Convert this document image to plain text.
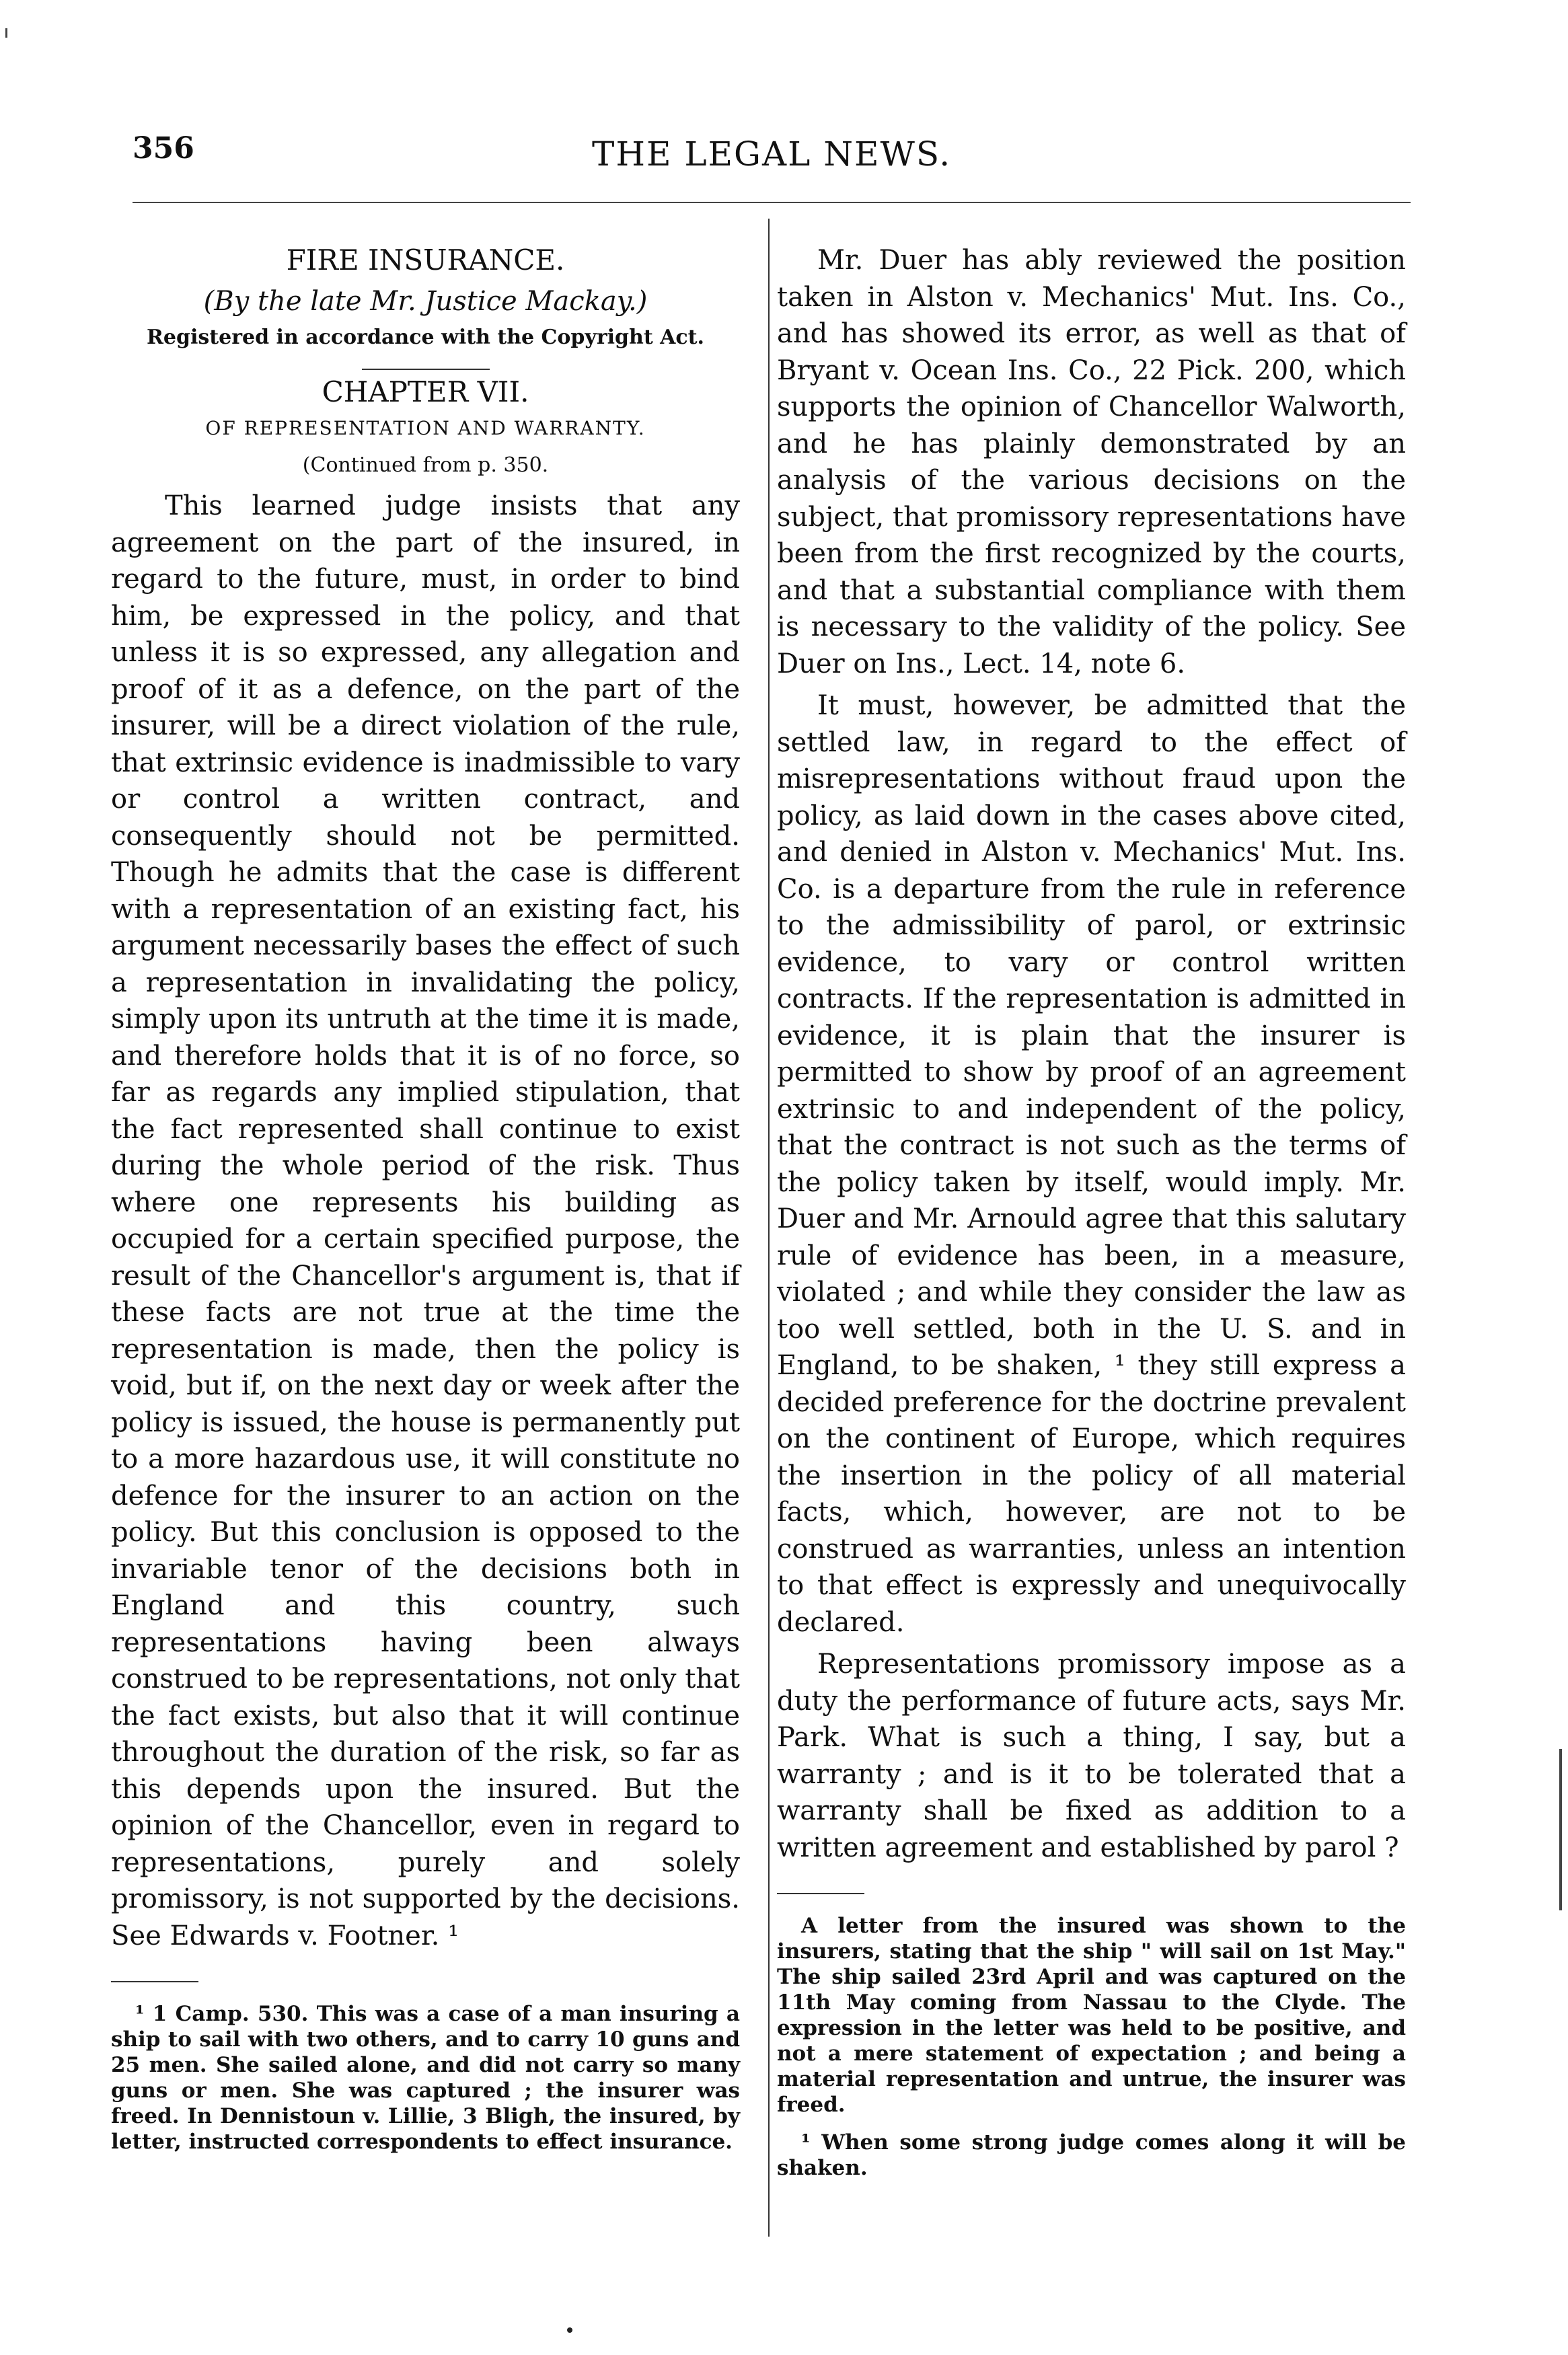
356	THE LEGAL NEWS.

FIRE INSURANCE.

(By the late Mr. Justice Mackay.)

Registered in accordance with the Copyright Act.

CHAPTER VII.

OF REPRESENTATION AND WARRANTY.

(Continued from p. 350.

This learned judge insists that any agreement on the part of the insured, in regard to the future, must, in order to bind him, be expressed in the policy, and that unless it is so expressed, any allegation and proof of it as a defence, on the part of the insurer, will be a direct violation of the rule, that extrinsic evidence is inadmissible to vary or control a written contract, and consequently should not be permitted. Though he admits that the case is different with a representation of an existing fact, his argument necessarily bases the effect of such a representation in invalidating the policy, simply upon its untruth at the time it is made, and therefore holds that it is of no force, so far as regards any implied stipulation, that the fact represented shall continue to exist during the whole period of the risk. Thus where one represents his building as occupied for a certain specified purpose, the result of the Chancellor's argument is, that if these facts are not true at the time the representation is made, then the policy is void, but if, on the next day or week after the policy is issued, the house is permanently put to a more hazardous use, it will constitute no defence for the insurer to an action on the policy. But this conclusion is opposed to the invariable tenor of the decisions both in England and this country, such representations having been always construed to be representations, not only that the fact exists, but also that it will continue throughout the duration of the risk, so far as this depends upon the insured. But the opinion of the Chancellor, even in regard to representations, purely and solely promissory, is not supported by the decisions. See Edwards v. Footner. ¹

¹ 1 Camp. 530. This was a case of a man insuring a ship to sail with two others, and to carry 10 guns and 25 men. She sailed alone, and did not carry so many guns or men. She was captured ; the insurer was freed. In Dennistoun v. Lillie, 3 Bligh, the insured, by letter, instructed correspondents to effect insurance.

Mr. Duer has ably reviewed the position taken in Alston v. Mechanics' Mut. Ins. Co., and has showed its error, as well as that of Bryant v. Ocean Ins. Co., 22 Pick. 200, which supports the opinion of Chancellor Walworth, and he has plainly demonstrated by an analysis of the various decisions on the subject, that promissory representations have been from the first recognized by the courts, and that a substantial compliance with them is necessary to the validity of the policy. See Duer on Ins., Lect. 14, note 6.

It must, however, be admitted that the settled law, in regard to the effect of misrepresentations without fraud upon the policy, as laid down in the cases above cited, and denied in Alston v. Mechanics' Mut. Ins. Co. is a departure from the rule in reference to the admissibility of parol, or extrinsic evidence, to vary or control written contracts. If the representation is admitted in evidence, it is plain that the insurer is permitted to show by proof of an agreement extrinsic to and independent of the policy, that the contract is not such as the terms of the policy taken by itself, would imply. Mr. Duer and Mr. Arnould agree that this salutary rule of evidence has been, in a measure, violated ; and while they consider the law as too well settled, both in the U. S. and in England, to be shaken, ¹ they still express a decided preference for the doctrine prevalent on the continent of Europe, which requires the insertion in the policy of all material facts, which, however, are not to be construed as warranties, unless an intention to that effect is expressly and unequivocally declared.

Representations promissory impose as a duty the performance of future acts, says Mr. Park. What is such a thing, I say, but a warranty ; and is it to be tolerated that a warranty shall be fixed as addition to a written agreement and established by parol ?

A letter from the insured was shown to the insurers, stating that the ship " will sail on 1st May." The ship sailed 23rd April and was captured on the 11th May coming from Nassau to the Clyde. The expression in the letter was held to be positive, and not a mere statement of expectation ; and being a material representation and untrue, the insurer was freed.

¹ When some strong judge comes along it will be shaken.
